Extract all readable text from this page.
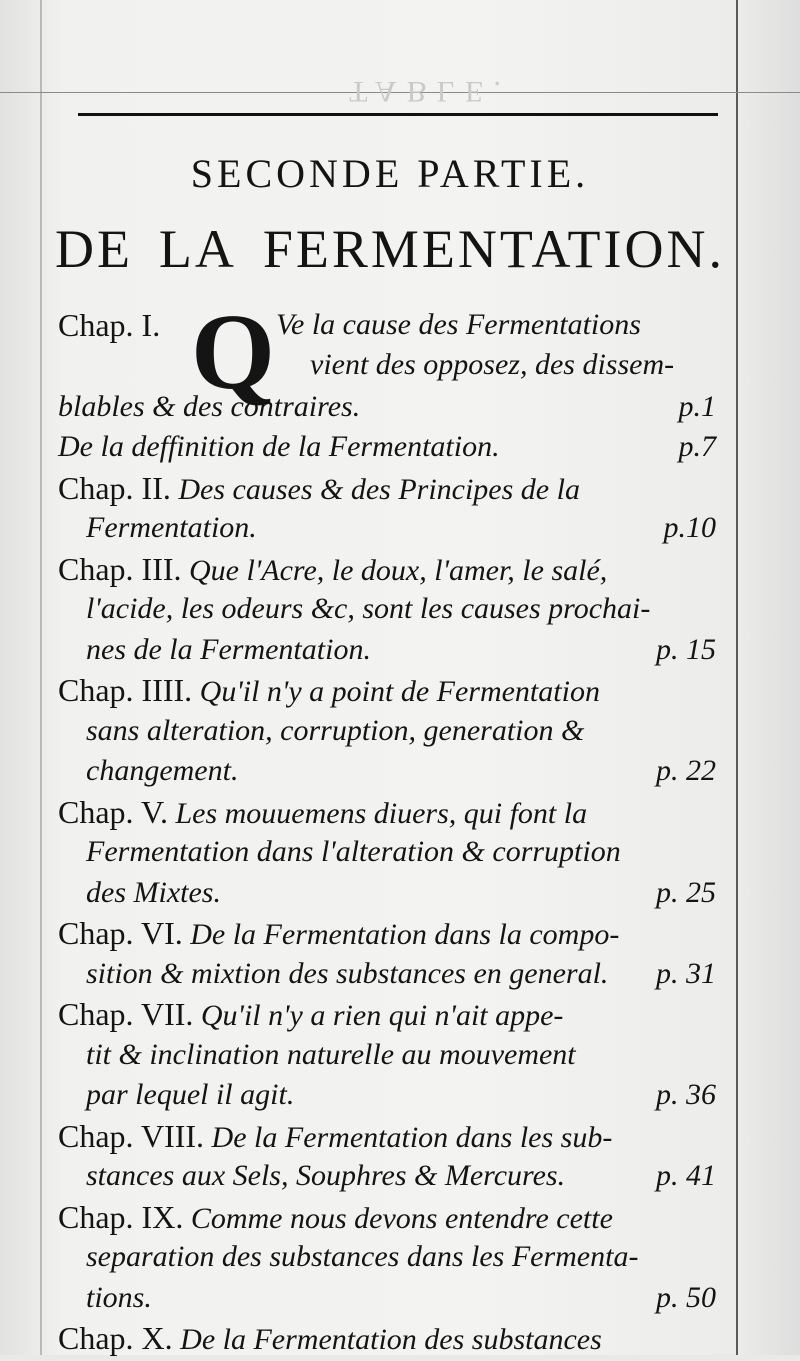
TABLE.
SECONDE PARTIE.
DE LA FERMENTATION.
Chap. I. Q Ve la cause des Fermentations
vient des opposez, des dissem-
blables & des contraires.	p.1
De la deffinition de la Fermentation.	p.7
Chap. II. Des causes & des Principes de la
Fermentation.	p.10
Chap. III. Que l'Acre, le doux, l'amer, le salé,
l'acide, les odeurs &c, sont les causes prochai-
nes de la Fermentation.	p. 15
Chap. IIII. Qu'il n'y a point de Fermentation
sans alteration, corruption, generation &
changement.	p. 22
Chap. V. Les mouuemens diuers, qui font la
Fermentation dans l'alteration & corruption
des Mixtes.	p. 25
Chap. VI. De la Fermentation dans la compo-
sition & mixtion des substances en general. p. 31
Chap. VII. Qu'il n'y a rien qui n'ait appe-
tit & inclination naturelle au mouvement
par lequel il agit.	p. 36
Chap. VIII. De la Fermentation dans les sub-
stances aux Sels, Souphres & Mercures.	p. 41
Chap. IX. Comme nous devons entendre cette
separation des substances dans les Fermenta-
tions.	p. 50
Chap. X. De la Fermentation des substances
